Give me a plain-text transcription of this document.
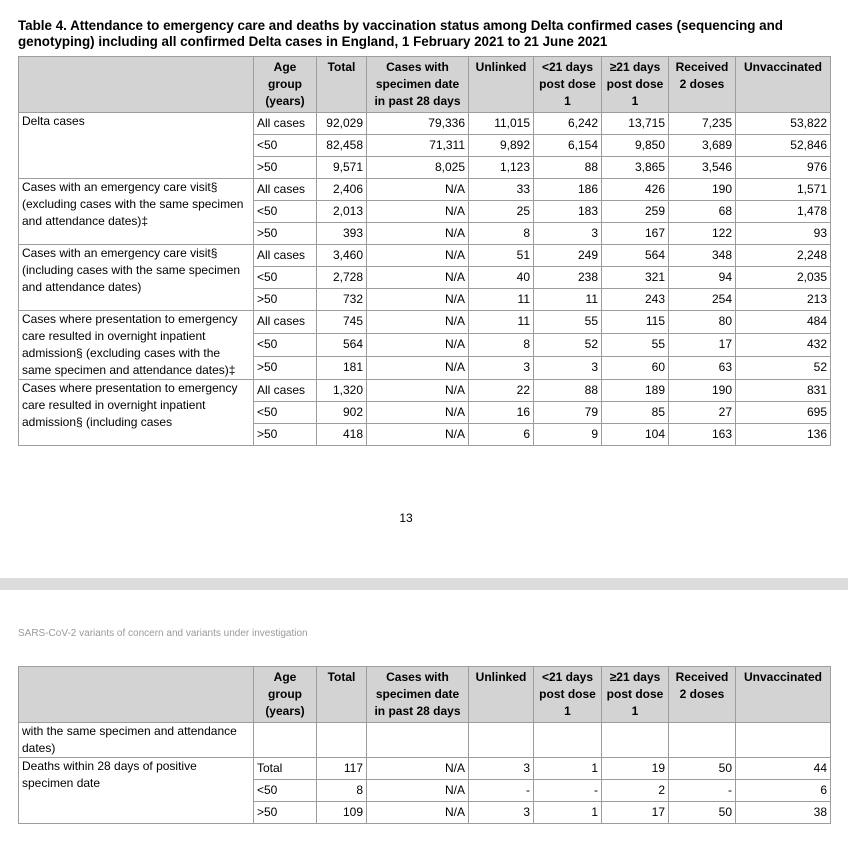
Table 4. Attendance to emergency care and deaths by vaccination status among Delta confirmed cases (sequencing and genotyping) including all confirmed Delta cases in England, 1 February 2021 to 21 June 2021
	Age group (years)	Total	Cases with specimen date in past 28 days	Unlinked	<21 days post dose 1	≥21 days post dose 1	Received 2 doses	Unvaccinated
Delta cases	All cases	92,029	79,336	11,015	6,242	13,715	7,235	53,822
	<50	82,458	71,311	9,892	6,154	9,850	3,689	52,846
	>50	9,571	8,025	1,123	88	3,865	3,546	976
Cases with an emergency care visit§ (excluding cases with the same specimen and attendance dates)‡	All cases	2,406	N/A	33	186	426	190	1,571
	<50	2,013	N/A	25	183	259	68	1,478
	>50	393	N/A	8	3	167	122	93
Cases with an emergency care visit§ (including cases with the same specimen and attendance dates)	All cases	3,460	N/A	51	249	564	348	2,248
	<50	2,728	N/A	40	238	321	94	2,035
	>50	732	N/A	11	11	243	254	213
Cases where presentation to emergency care resulted in overnight inpatient admission§ (excluding cases with the same specimen and attendance dates)‡	All cases	745	N/A	11	55	115	80	484
	<50	564	N/A	8	52	55	17	432
	>50	181	N/A	3	3	60	63	52
Cases where presentation to emergency care resulted in overnight inpatient admission§ (including cases	All cases	1,320	N/A	22	88	189	190	831
	<50	902	N/A	16	79	85	27	695
	>50	418	N/A	6	9	104	163	136
13
SARS-CoV-2 variants of concern and variants under investigation
	Age group (years)	Total	Cases with specimen date in past 28 days	Unlinked	<21 days post dose 1	≥21 days post dose 1	Received 2 doses	Unvaccinated
with the same specimen and attendance dates)								
Deaths within 28 days of positive specimen date	Total	117	N/A	3	1	19	50	44
	<50	8	N/A	-	-	2	-	6
	>50	109	N/A	3	1	17	50	38
